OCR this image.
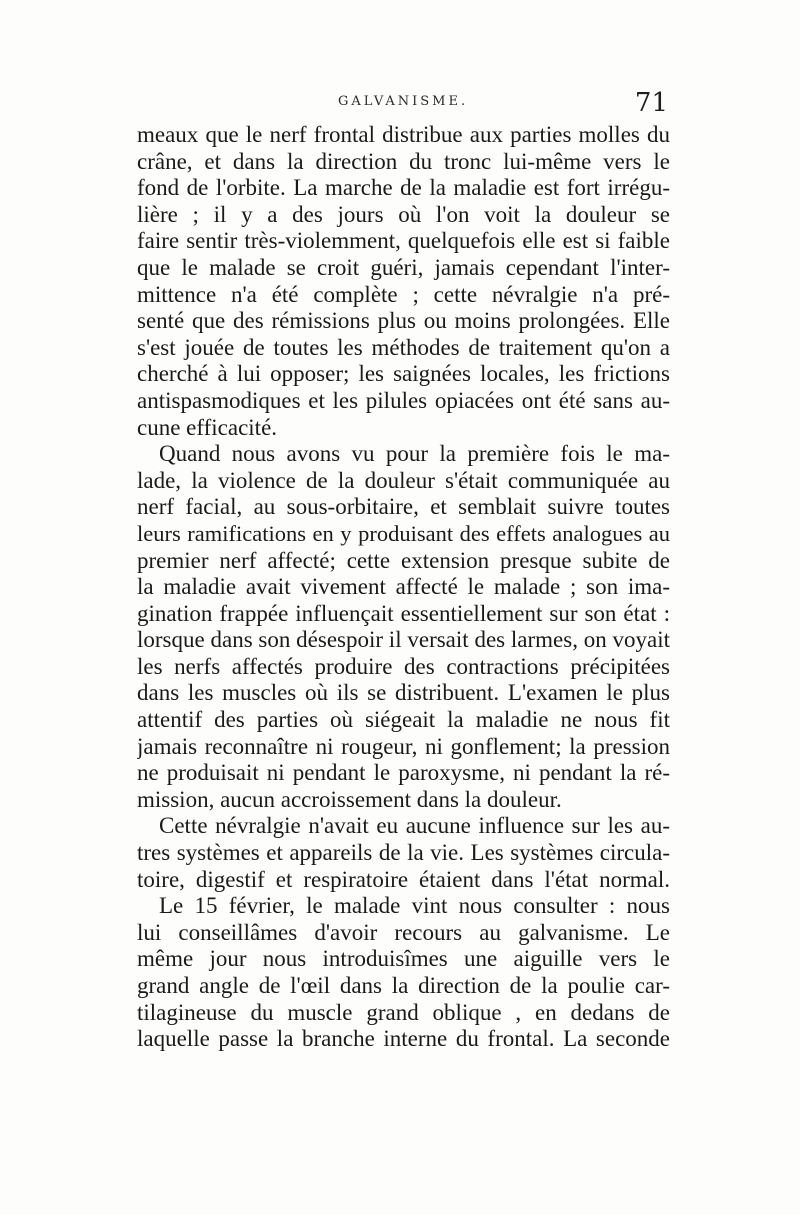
GALVANISME.	71
meaux que le nerf frontal distribue aux parties molles du
crâne, et dans la direction du tronc lui-même vers le
fond de l'orbite. La marche de la maladie est fort irrégu-
lière ; il y a des jours où l'on voit la douleur se
faire sentir très-violemment, quelquefois elle est si faible
que le malade se croit guéri, jamais cependant l'inter-
mittence n'a été complète ; cette névralgie n'a pré-
senté que des rémissions plus ou moins prolongées. Elle
s'est jouée de toutes les méthodes de traitement qu'on a
cherché à lui opposer; les saignées locales, les frictions
antispasmodiques et les pilules opiacées ont été sans au-
cune efficacité.
Quand nous avons vu pour la première fois le ma-
lade, la violence de la douleur s'était communiquée au
nerf facial, au sous-orbitaire, et semblait suivre toutes
leurs ramifications en y produisant des effets analogues au
premier nerf affecté; cette extension presque subite de
la maladie avait vivement affecté le malade ; son ima-
gination frappée influençait essentiellement sur son état :
lorsque dans son désespoir il versait des larmes, on voyait
les nerfs affectés produire des contractions précipitées
dans les muscles où ils se distribuent. L'examen le plus
attentif des parties où siégeait la maladie ne nous fit
jamais reconnaître ni rougeur, ni gonflement; la pression
ne produisait ni pendant le paroxysme, ni pendant la ré-
mission, aucun accroissement dans la douleur.
Cette névralgie n'avait eu aucune influence sur les au-
tres systèmes et appareils de la vie. Les systèmes circula-
toire, digestif et respiratoire étaient dans l'état normal.
Le 15 février, le malade vint nous consulter : nous
lui conseillâmes d'avoir recours au galvanisme. Le
même jour nous introduisîmes une aiguille vers le
grand angle de l'œil dans la direction de la poulie car-
tilagineuse du muscle grand oblique , en dedans de
laquelle passe la branche interne du frontal. La seconde
